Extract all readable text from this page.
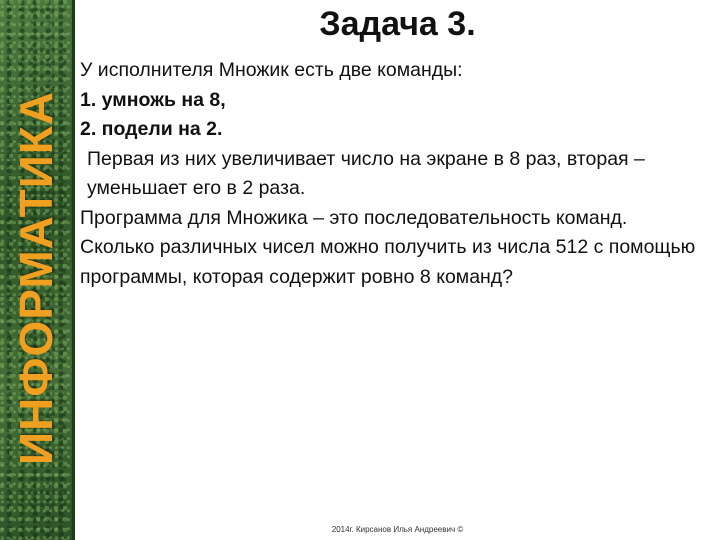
ИНФОРМАТИКА
Задача 3.

У исполнителя Множик есть две команды:

1. умножь на 8,

2. подели на 2.

Первая из них увеличивает число на экране в 8 раз, вторая – уменьшает его в 2 раза.

Программа для Множика – это последовательность команд.

Сколько различных чисел можно получить из числа 512 с помощью программы, которая содержит ровно 8 команд?

2014г. Кирсанов Илья Андреевич ©
